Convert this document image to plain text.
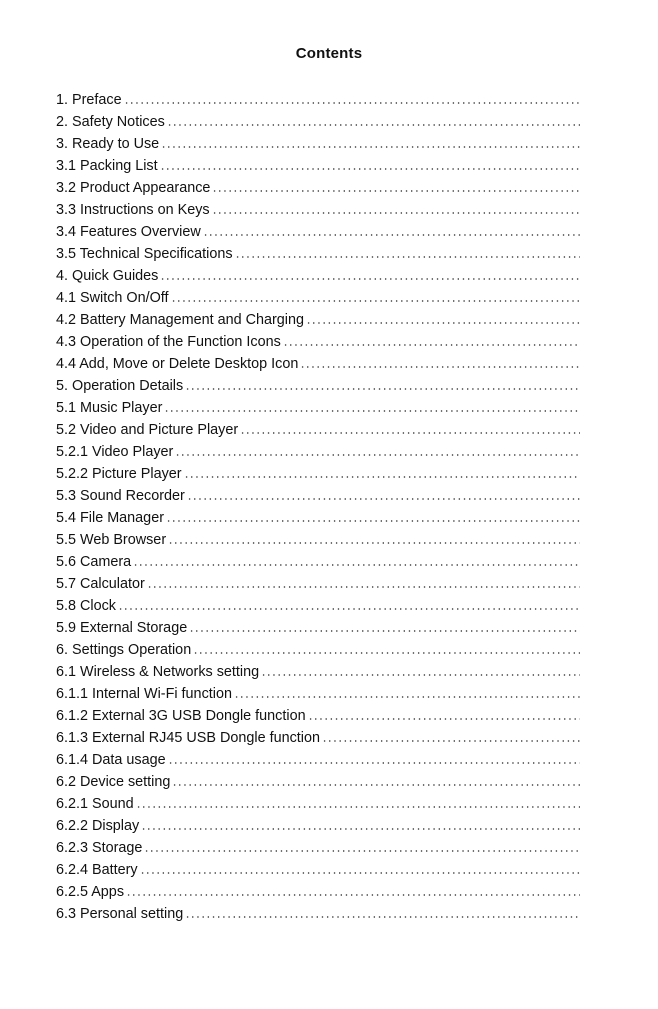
Contents
1. Preface
2. Safety Notices
3. Ready to Use
3.1 Packing List
3.2 Product Appearance
3.3 Instructions on Keys
3.4 Features Overview
3.5 Technical Specifications
4. Quick Guides
4.1 Switch On/Off
4.2 Battery Management and Charging
4.3 Operation of the Function Icons
4.4 Add, Move or Delete Desktop Icon
5. Operation Details
5.1 Music Player
5.2 Video and Picture Player
5.2.1 Video Player
5.2.2 Picture Player
5.3 Sound Recorder
5.4 File Manager
5.5 Web Browser
5.6 Camera
5.7 Calculator
5.8 Clock
5.9 External Storage
6. Settings Operation
6.1 Wireless & Networks setting
6.1.1 Internal Wi-Fi function
6.1.2 External 3G USB Dongle function
6.1.3 External RJ45 USB Dongle function
6.1.4 Data usage
6.2 Device setting
6.2.1 Sound
6.2.2 Display
6.2.3 Storage
6.2.4 Battery
6.2.5 Apps
6.3 Personal setting
